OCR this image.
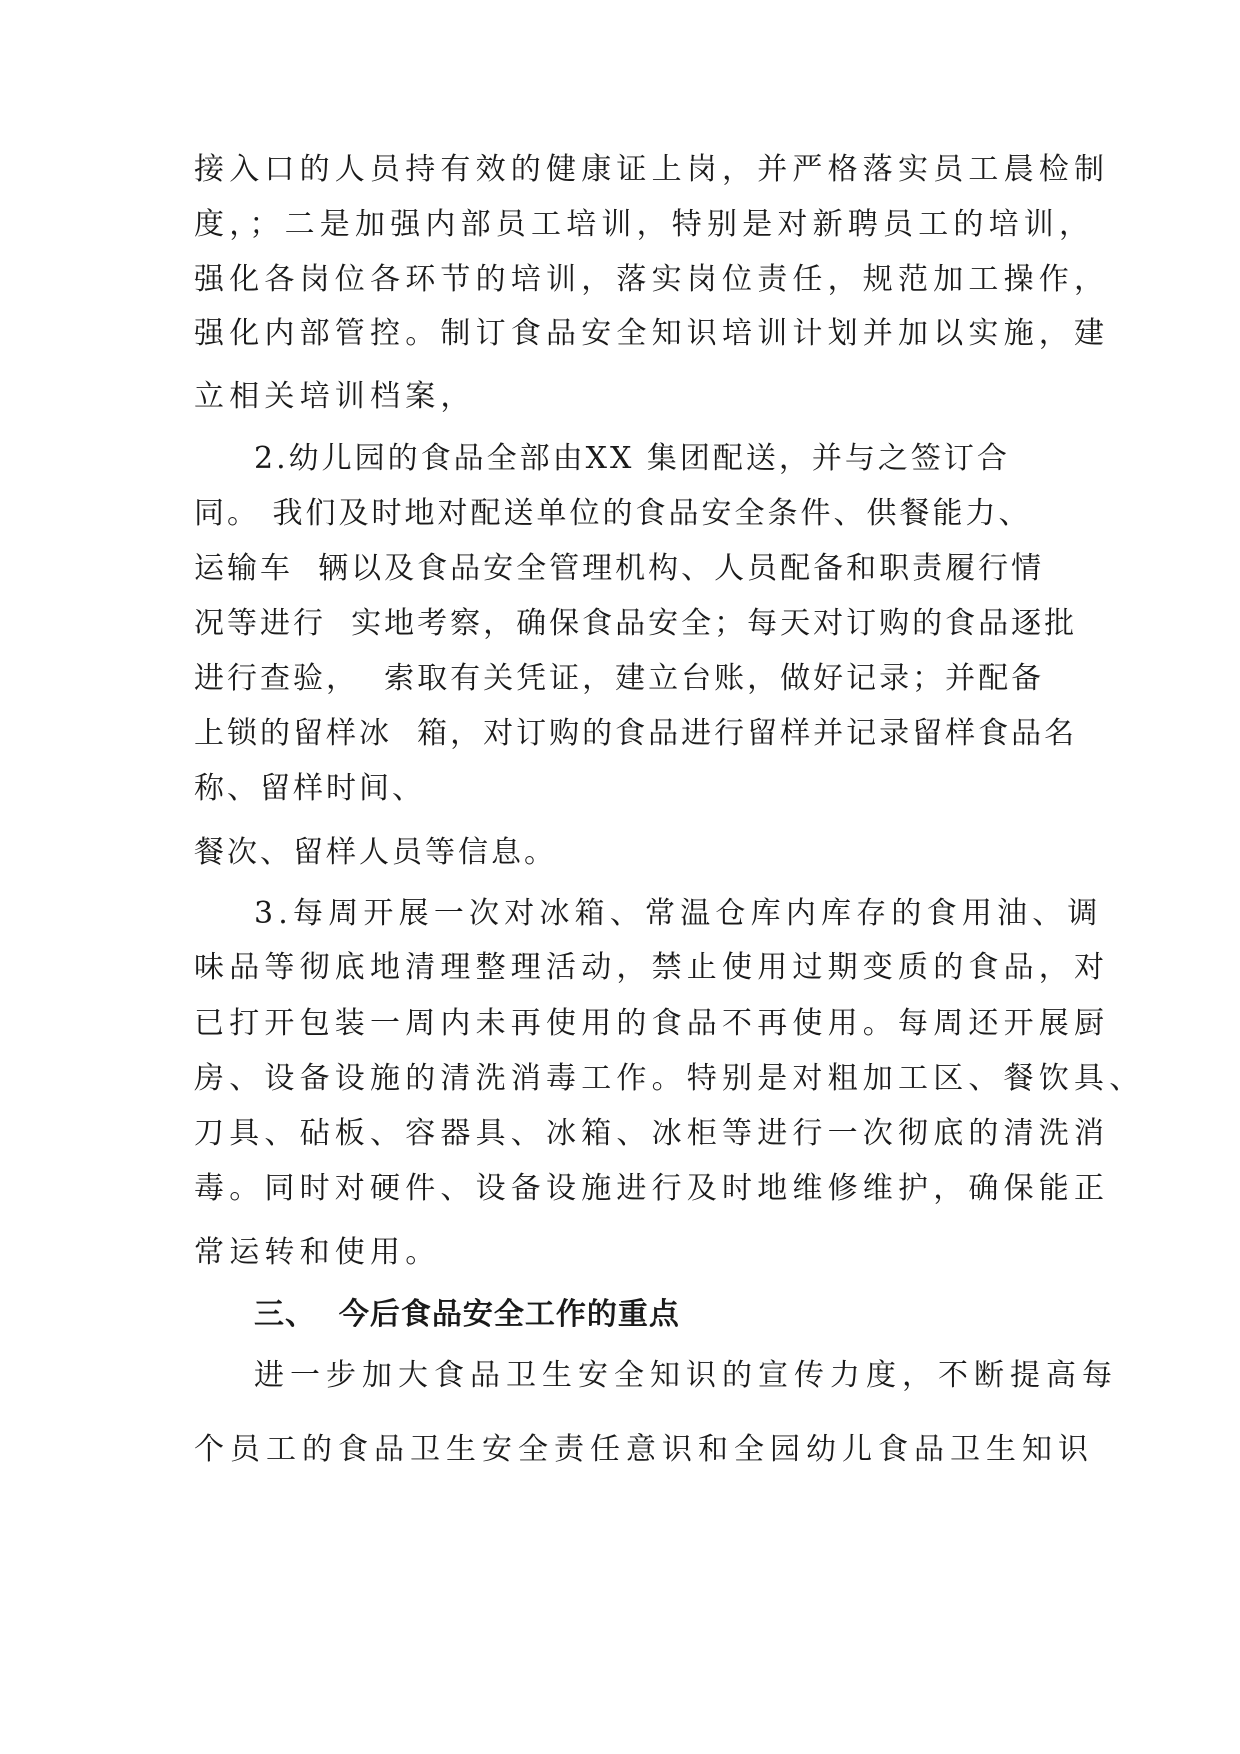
接入口的人员持有效的健康证上岗，并严格落实员工晨检制
度，；二是加强内部员工培训，特别是对新聘员工的培训，
强化各岗位各环节的培训，落实岗位责任，规范加工操作，
强化内部管控。制订食品安全知识培训计划并加以实施，建
立相关培训档案，
2.幼儿园的食品全部由XX 集团配送，并与之签订合
同。 我们及时地对配送单位的食品安全条件、供餐能力、
运输车  辆以及食品安全管理机构、人员配备和职责履行情
况等进行  实地考察，确保食品安全；每天对订购的食品逐批
进行查验，  索取有关凭证，建立台账，做好记录；并配备
上锁的留样冰  箱，对订购的食品进行留样并记录留样食品名
称、留样时间、
餐次、留样人员等信息。
3.每周开展一次对冰箱、常温仓库内库存的食用油、调
味品等彻底地清理整理活动，禁止使用过期变质的食品，对
已打开包装一周内未再使用的食品不再使用。每周还开展厨
房、设备设施的清洗消毒工作。特别是对粗加工区、餐饮具、
刀具、砧板、容器具、冰箱、冰柜等进行一次彻底的清洗消
毒。同时对硬件、设备设施进行及时地维修维护，确保能正
常运转和使用。
三、  今后食品安全工作的重点
进一步加大食品卫生安全知识的宣传力度，不断提高每
个员工的食品卫生安全责任意识和全园幼儿食品卫生知识
